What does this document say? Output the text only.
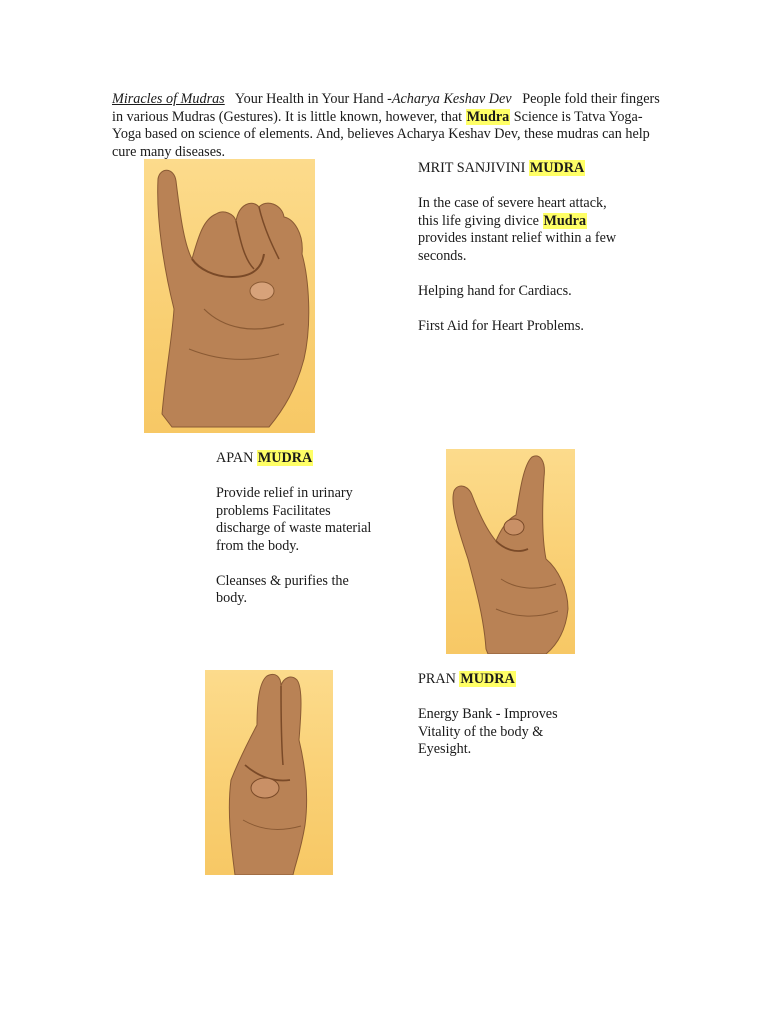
Miracles of Mudras   Your Health in Your Hand -Acharya Keshav Dev   People fold their fingers in various Mudras (Gestures). It is little known, however, that Mudra Science is Tatva Yoga-Yoga based on science of elements. And, believes Acharya Keshav Dev, these mudras can help cure many diseases.

MRIT SANJIVINI MUDRA

In the case of severe heart attack, this life giving divice Mudra provides instant relief within a few seconds.

Helping hand for Cardiacs.

First Aid for Heart Problems.

APAN MUDRA

Provide relief in urinary problems Facilitates discharge of waste material from the body.

Cleanses & purifies the body.

PRAN MUDRA

Energy Bank - Improves Vitality of the body & Eyesight.
